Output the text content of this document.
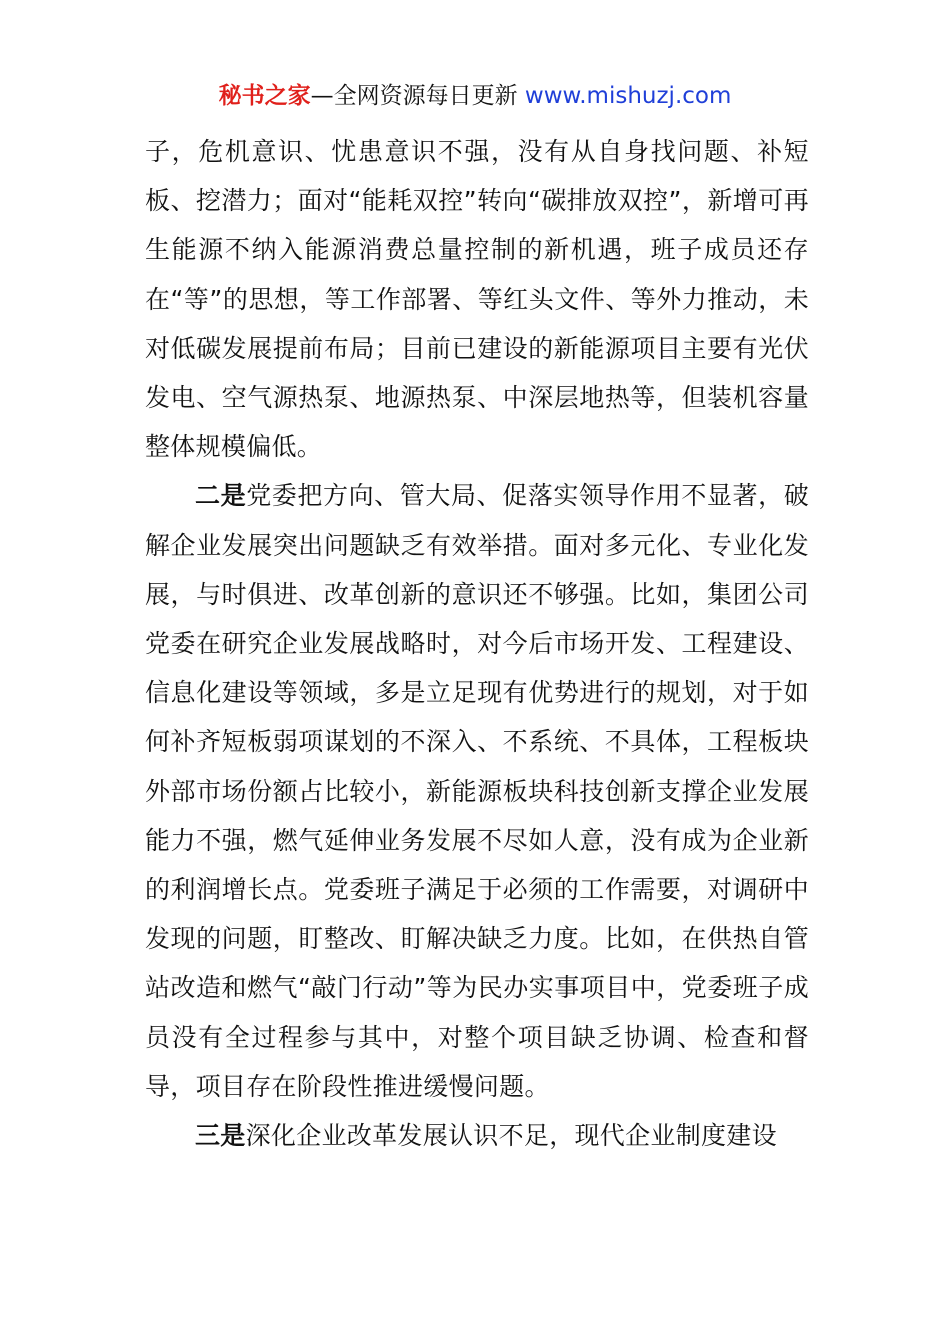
秘书之家—全网资源每日更新 www.mishuzj.com

子，危机意识、忧患意识不强，没有从自身找问题、补短板、挖潜力；面对“能耗双控”转向“碳排放双控”，新增可再生能源不纳入能源消费总量控制的新机遇，班子成员还存在“等”的思想，等工作部署、等红头文件、等外力推动，未对低碳发展提前布局；目前已建设的新能源项目主要有光伏发电、空气源热泵、地源热泵、中深层地热等，但装机容量整体规模偏低。

二是党委把方向、管大局、促落实领导作用不显著，破解企业发展突出问题缺乏有效举措。面对多元化、专业化发展，与时俱进、改革创新的意识还不够强。比如，集团公司党委在研究企业发展战略时，对今后市场开发、工程建设、信息化建设等领域，多是立足现有优势进行的规划，对于如何补齐短板弱项谋划的不深入、不系统、不具体，工程板块外部市场份额占比较小，新能源板块科技创新支撑企业发展能力不强，燃气延伸业务发展不尽如人意，没有成为企业新的利润增长点。党委班子满足于必须的工作需要，对调研中发现的问题，盯整改、盯解决缺乏力度。比如，在供热自管站改造和燃气“敲门行动”等为民办实事项目中，党委班子成员没有全过程参与其中，对整个项目缺乏协调、检查和督导，项目存在阶段性推进缓慢问题。

三是深化企业改革发展认识不足，现代企业制度建设
